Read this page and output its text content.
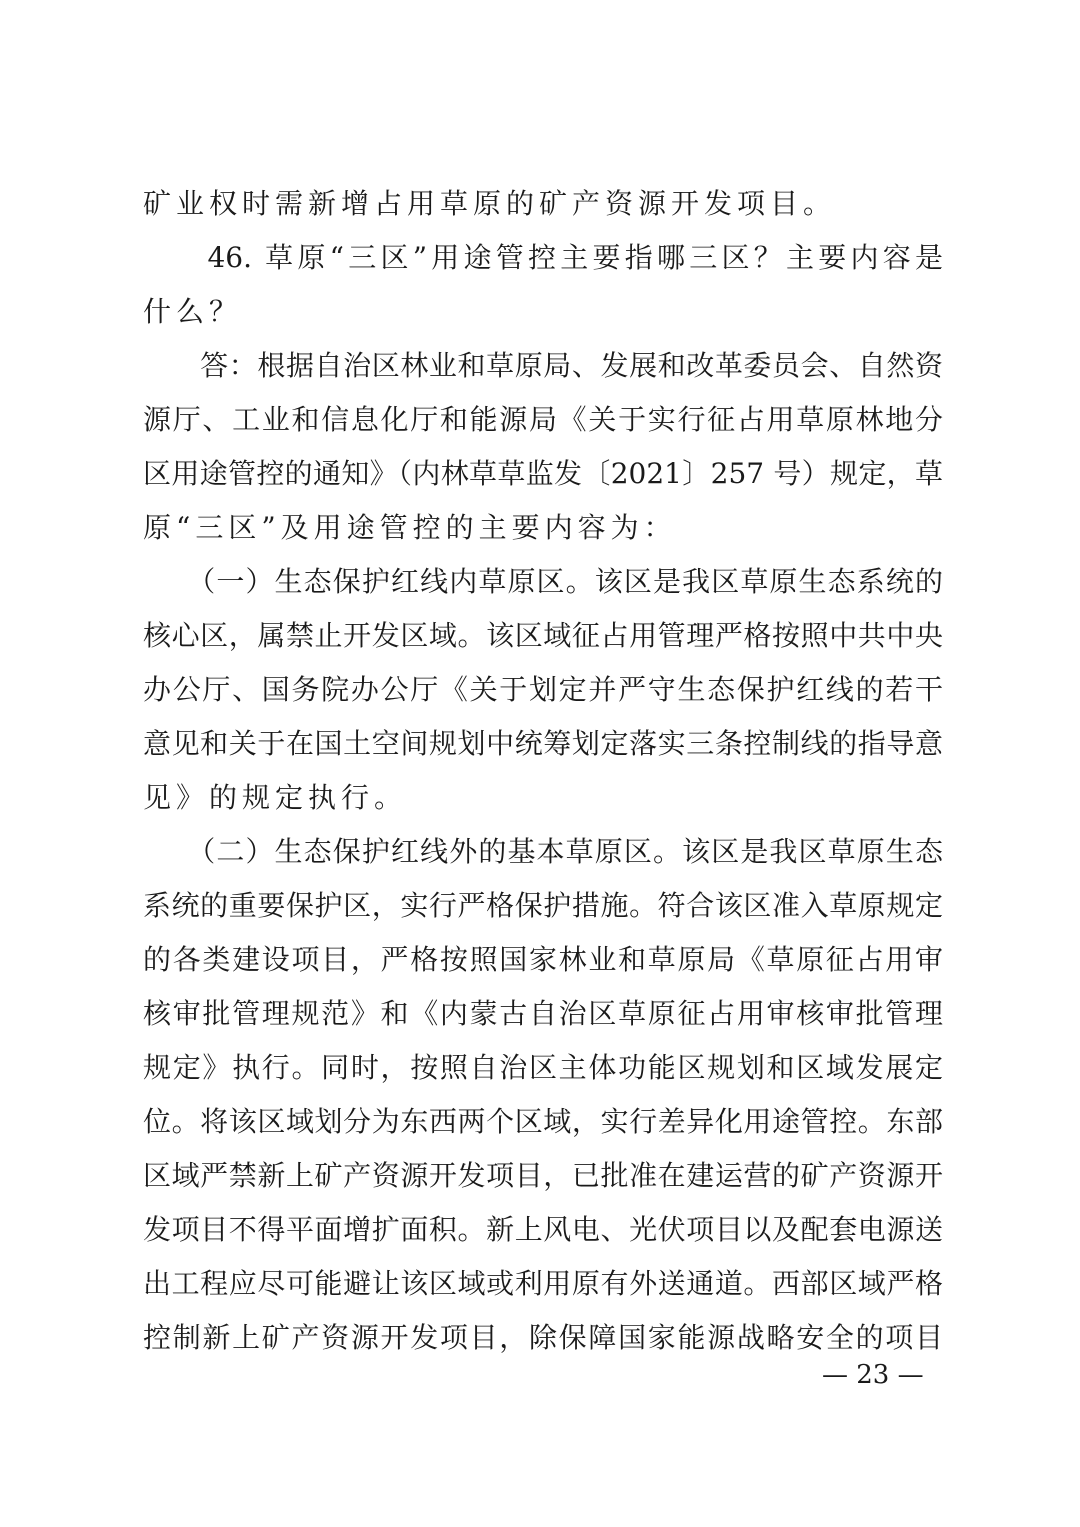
矿业权时需新增占用草原的矿产资源开发项目。
　　46. 草原“三区”用途管控主要指哪三区？主要内容是
什么？
　　答：根据自治区林业和草原局、发展和改革委员会、自然资
源厅、工业和信息化厅和能源局《关于实行征占用草原林地分
区用途管控的通知》（内林草草监发〔2021〕257 号）规定，草
原“三区”及用途管控的主要内容为：
　　（一）生态保护红线内草原区。该区是我区草原生态系统的
核心区，属禁止开发区域。该区域征占用管理严格按照中共中央
办公厅、国务院办公厅《关于划定并严守生态保护红线的若干
意见和关于在国土空间规划中统筹划定落实三条控制线的指导意
见》的规定执行。
　　（二）生态保护红线外的基本草原区。该区是我区草原生态
系统的重要保护区，实行严格保护措施。符合该区准入草原规定
的各类建设项目，严格按照国家林业和草原局《草原征占用审
核审批管理规范》和《内蒙古自治区草原征占用审核审批管理
规定》执行。同时，按照自治区主体功能区规划和区域发展定
位。将该区域划分为东西两个区域，实行差异化用途管控。东部
区域严禁新上矿产资源开发项目，已批准在建运营的矿产资源开
发项目不得平面增扩面积。新上风电、光伏项目以及配套电源送
出工程应尽可能避让该区域或利用原有外送通道。西部区域严格
控制新上矿产资源开发项目，除保障国家能源战略安全的项目
— 23 —
